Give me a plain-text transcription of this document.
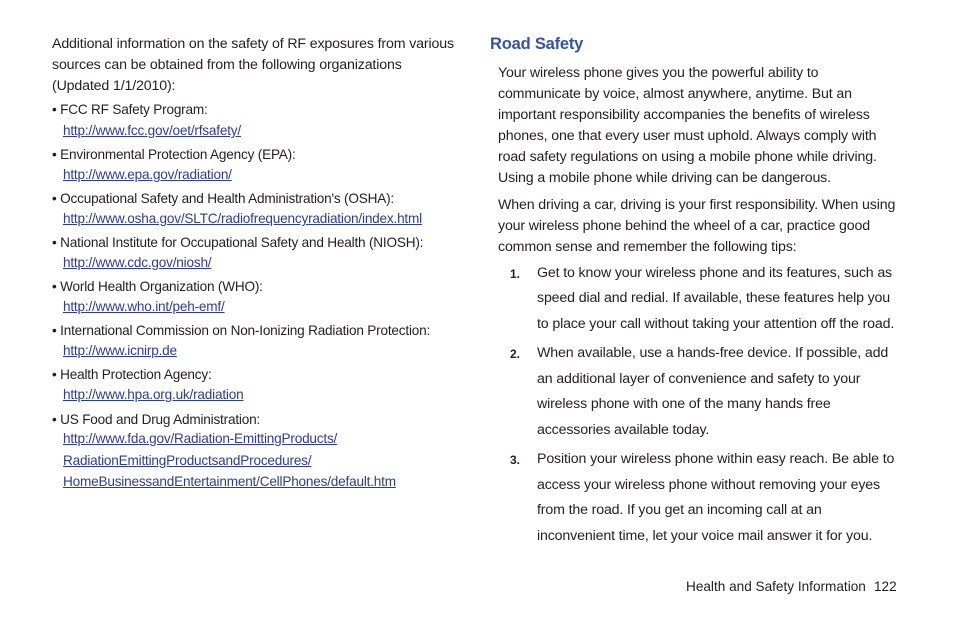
Additional information on the safety of RF exposures from various
sources can be obtained from the following organizations
(Updated 1/1/2010):
• FCC RF Safety Program:
http://www.fcc.gov/oet/rfsafety/
• Environmental Protection Agency (EPA):
http://www.epa.gov/radiation/
• Occupational Safety and Health Administration's (OSHA):
http://www.osha.gov/SLTC/radiofrequencyradiation/index.html
• National Institute for Occupational Safety and Health (NIOSH):
http://www.cdc.gov/niosh/
• World Health Organization (WHO):
http://www.who.int/peh-emf/
• International Commission on Non-Ionizing Radiation Protection:
http://www.icnirp.de
• Health Protection Agency:
http://www.hpa.org.uk/radiation
• US Food and Drug Administration:
http://www.fda.gov/Radiation-EmittingProducts/
RadiationEmittingProductsandProcedures/
HomeBusinessandEntertainment/CellPhones/default.htm
Road Safety
Your wireless phone gives you the powerful ability to
communicate by voice, almost anywhere, anytime. But an
important responsibility accompanies the benefits of wireless
phones, one that every user must uphold. Always comply with
road safety regulations on using a mobile phone while driving.
Using a mobile phone while driving can be dangerous.
When driving a car, driving is your first responsibility. When using
your wireless phone behind the wheel of a car, practice good
common sense and remember the following tips:
1. Get to know your wireless phone and its features, such as
speed dial and redial. If available, these features help you
to place your call without taking your attention off the road.
2. When available, use a hands-free device. If possible, add
an additional layer of convenience and safety to your
wireless phone with one of the many hands free
accessories available today.
3. Position your wireless phone within easy reach. Be able to
access your wireless phone without removing your eyes
from the road. If you get an incoming call at an
inconvenient time, let your voice mail answer it for you.
Health and Safety Information 122
